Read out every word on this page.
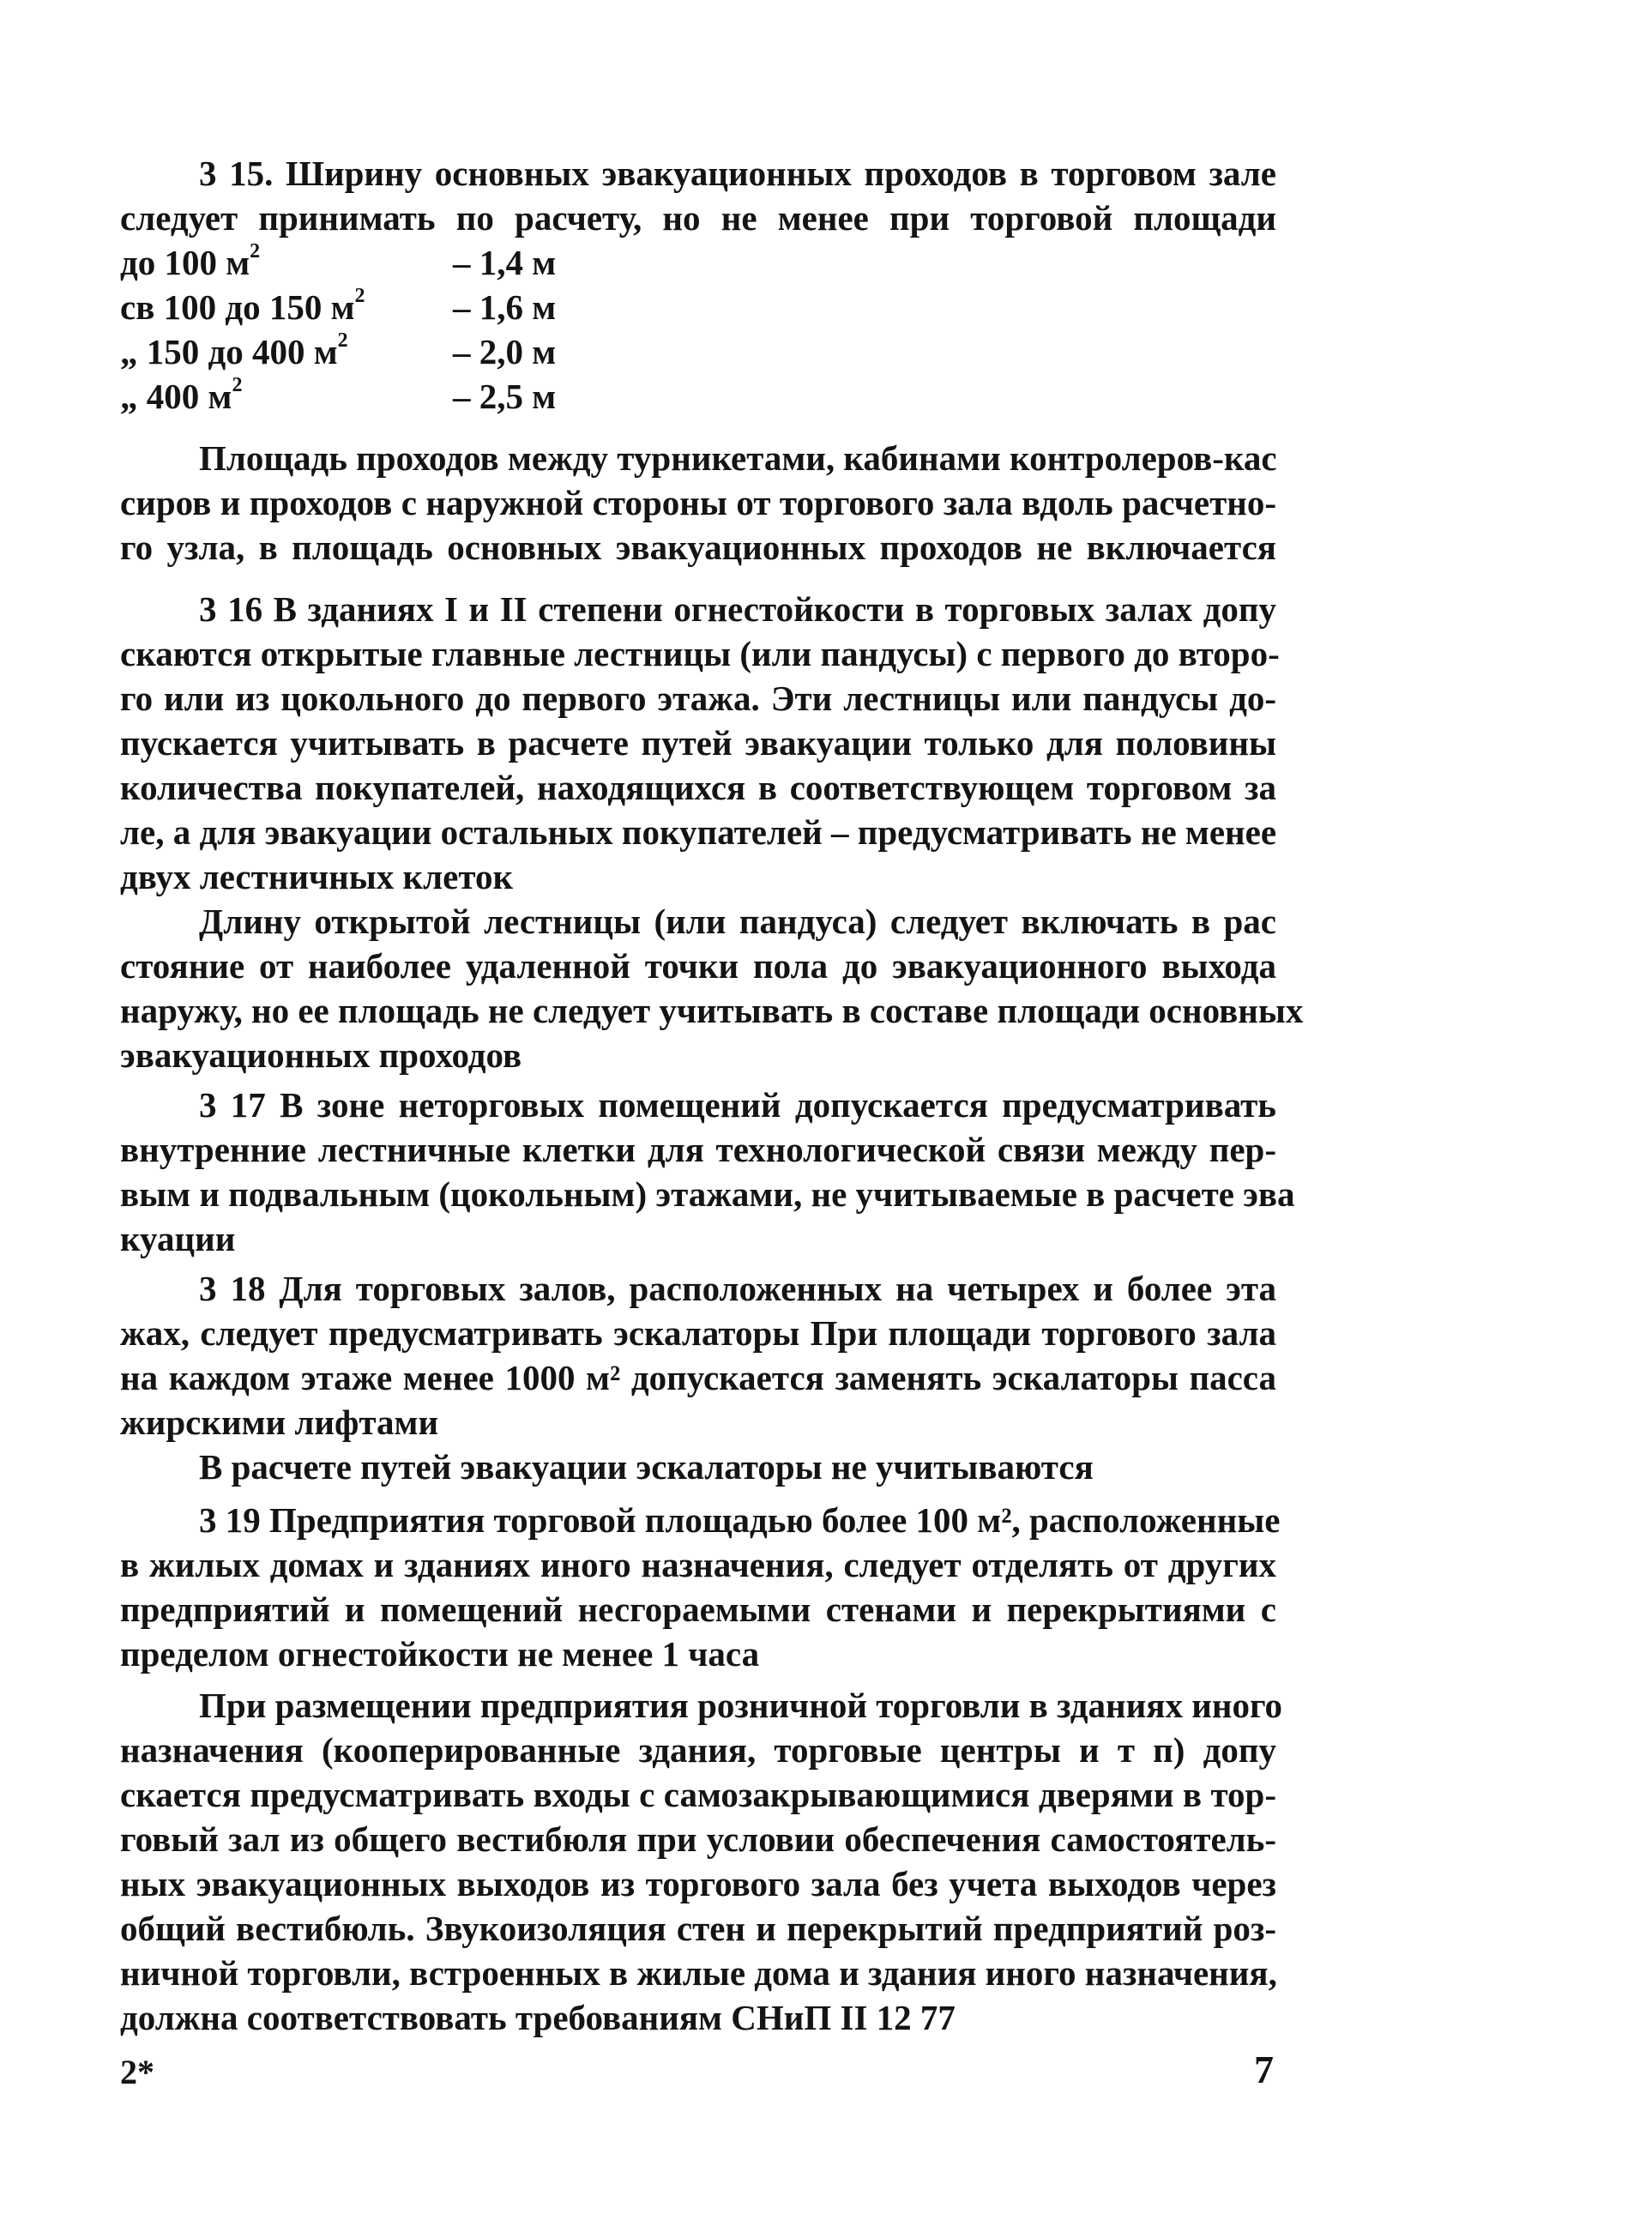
3 15. Ширину основных эвакуационных проходов в торговом зале
следует принимать по расчету, но не менее при торговой площади
до 100 $м^2$	– 1,4 м
св 100 до 150 $м^2 - 1,6$ м
„ 150 до 400 $м^2$	– 2,0 м
„ 400 $м^2$	– 2,5 м
Площадь проходов между турникетами, кабинами контролеров-кас
сиров и проходов с наружной стороны от торгового зала вдоль расчетно-
го узла, в площадь основных эвакуационных проходов не включается
3 16 В зданиях I и II степени огнестойкости в торговых залах допу
скаются открытые главные лестницы (или пандусы) с первого до второ-
го или из цокольного до первого этажа. Эти лестницы или пандусы до-
пускается учитывать в расчете путей эвакуации только для половины
количества покупателей, находящихся в соответствующем торговом за
ле, а для эвакуации остальных покупателей – предусматривать не менее
двух лестничных клеток
Длину открытой лестницы (или пандуса) следует включать в рас
стояние от наиболее удаленной точки пола до эвакуационного выхода
наружу, но ее площадь не следует учитывать в составе площади основных
эвакуационных проходов
3 17 В зоне неторговых помещений допускается предусматривать
внутренние лестничные клетки для технологической связи между пер-
вым и подвальным (цокольным) этажами, не учитываемые в расчете эва
куации
3 18 Для торговых залов, расположенных на четырех и более эта
жах, следует предусматривать эскалаторы При площади торгового зала
на каждом этаже менее 1000 м² допускается заменять эскалаторы пасса
жирскими лифтами
В расчете путей эвакуации эскалаторы не учитываются
3 19 Предприятия торговой площадью более 100 м², расположенные
в жилых домах и зданиях иного назначения, следует отделять от других
предприятий и помещений несгораемыми стенами и перекрытиями с
пределом огнестойкости не менее 1 часа
При размещении предприятия розничной торговли в зданиях иного
назначения (кооперированные здания, торговые центры и т п) допу
скается предусматривать входы с самозакрывающимися дверями в тор-
говый зал из общего вестибюля при условии обеспечения самостоятель-
ных эвакуационных выходов из торгового зала без учета выходов через
общий вестибюль. Звукоизоляция стен и перекрытий предприятий роз-
ничной торговли, встроенных в жилые дома и здания иного назначения,
должна соответствовать требованиям СНиП II 12 77
2*	7
